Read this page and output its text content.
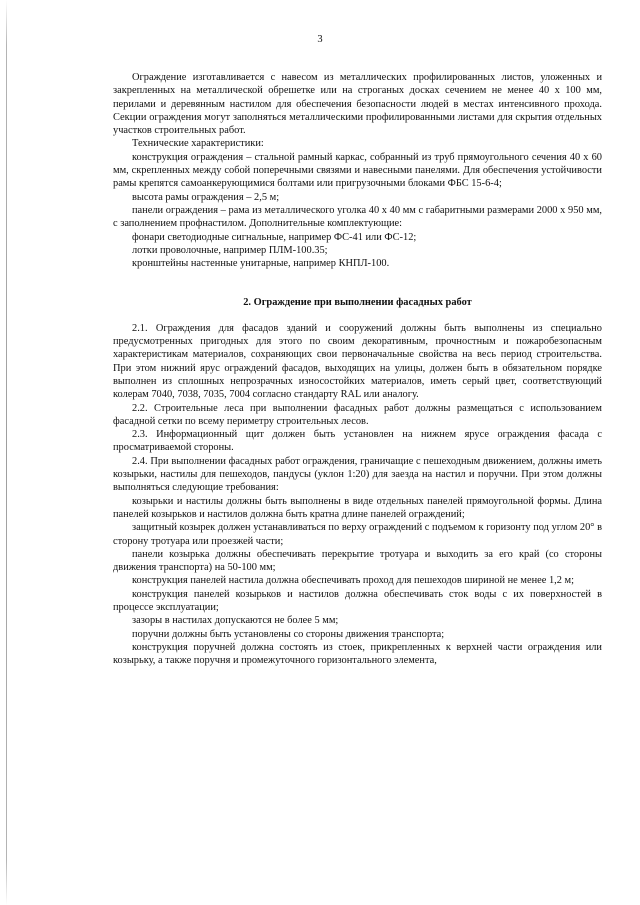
3

Ограждение изготавливается с навесом из металлических профилированных листов, уложенных и закрепленных на металлической обрешетке или на строганых досках сечением не менее 40 x 100 мм, перилами и деревянным настилом для обеспечения безопасности людей в местах интенсивного прохода. Секции ограждения могут заполняться металлическими профилированными листами для скрытия отдельных участков строительных работ.

Технические характеристики:

конструкция ограждения – стальной рамный каркас, собранный из труб прямоугольного сечения 40 x 60 мм, скрепленных между собой поперечными связями и навесными панелями. Для обеспечения устойчивости рамы крепятся самоанкерующимися болтами или пригрузочными блоками ФБС 15-6-4;

высота рамы ограждения – 2,5 м;

панели ограждения – рама из металлического уголка 40 x 40 мм с габаритными размерами 2000 x 950 мм, с заполнением профнастилом. Дополнительные комплектующие:

фонари светодиодные сигнальные, например ФС-41 или ФС-12;

лотки проволочные, например ПЛМ-100.35;

кронштейны настенные унитарные, например КНПЛ-100.

2. Ограждение при выполнении фасадных работ

2.1. Ограждения для фасадов зданий и сооружений должны быть выполнены из специально предусмотренных пригодных для этого по своим декоративным, прочностным и пожаробезопасным характеристикам материалов, сохраняющих свои первоначальные свойства на весь период строительства. При этом нижний ярус ограждений фасадов, выходящих на улицы, должен быть в обязательном порядке выполнен из сплошных непрозрачных износостойких материалов, иметь серый цвет, соответствующий колерам 7040, 7038, 7035, 7004 согласно стандарту RAL или аналогу.

2.2. Строительные леса при выполнении фасадных работ должны размещаться с использованием фасадной сетки по всему периметру строительных лесов.

2.3. Информационный щит должен быть установлен на нижнем ярусе ограждения фасада с просматриваемой стороны.

2.4. При выполнении фасадных работ ограждения, граничащие с пешеходным движением, должны иметь козырьки, настилы для пешеходов, пандусы (уклон 1:20) для заезда на настил и поручни. При этом должны выполняться следующие требования:

козырьки и настилы должны быть выполнены в виде отдельных панелей прямоугольной формы. Длина панелей козырьков и настилов должна быть кратна длине панелей ограждений;

защитный козырек должен устанавливаться по верху ограждений с подъемом к горизонту под углом 20° в сторону тротуара или проезжей части;

панели козырька должны обеспечивать перекрытие тротуара и выходить за его край (со стороны движения транспорта) на 50-100 мм;

конструкция панелей настила должна обеспечивать проход для пешеходов шириной не менее 1,2 м;

конструкция панелей козырьков и настилов должна обеспечивать сток воды с их поверхностей в процессе эксплуатации;

зазоры в настилах допускаются не более 5 мм;

поручни должны быть установлены со стороны движения транспорта;

конструкция поручней должна состоять из стоек, прикрепленных к верхней части ограждения или козырьку, а также поручня и промежуточного горизонтального элемента,
